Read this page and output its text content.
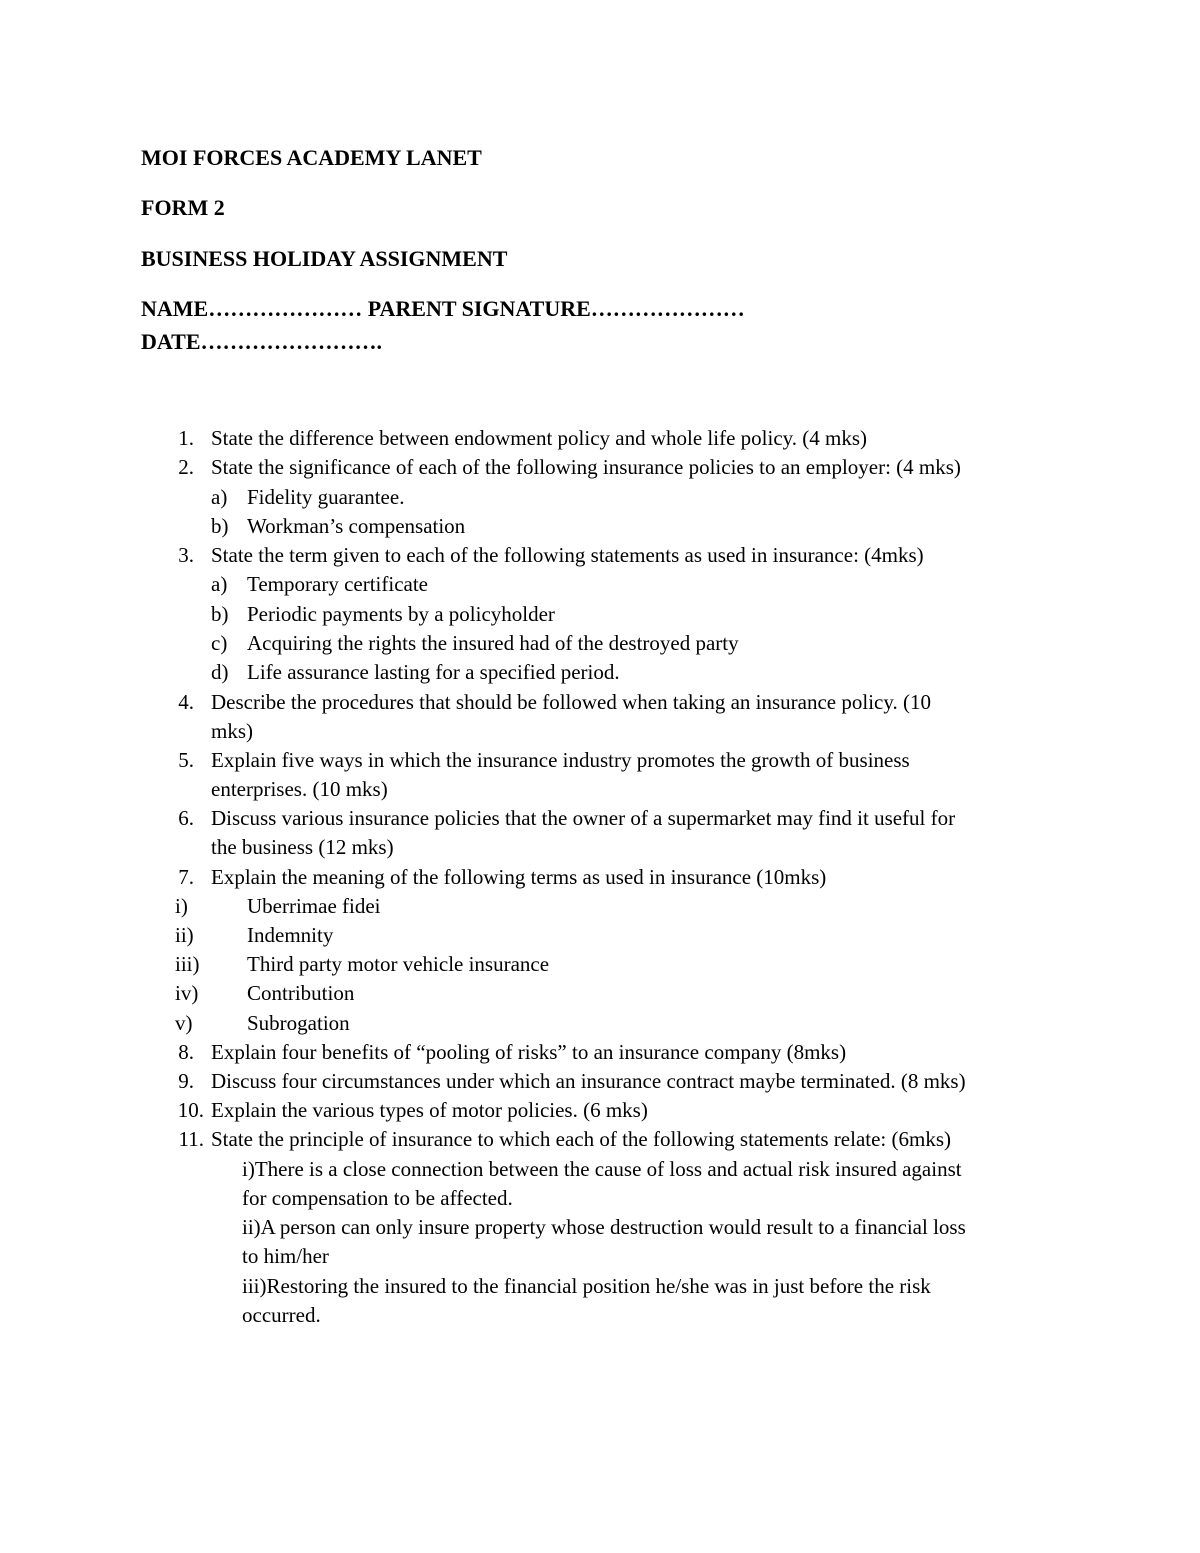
MOI FORCES ACADEMY LANET
FORM 2
BUSINESS HOLIDAY ASSIGNMENT
NAME………………… PARENT SIGNATURE…………………
DATE…………………….
1. State the difference between endowment policy and whole life policy. (4 mks)
2. State the significance of each of the following insurance policies to an employer: (4 mks)
a) Fidelity guarantee.
b) Workman’s compensation
3. State the term given to each of the following statements as used in insurance: (4mks)
a) Temporary certificate
b) Periodic payments by a policyholder
c) Acquiring the rights the insured had of the destroyed party
d) Life assurance lasting for a specified period.
4. Describe the procedures that should be followed when taking an insurance policy. (10
mks)
5. Explain five ways in which the insurance industry promotes the growth of business
enterprises. (10 mks)
6. Discuss various insurance policies that the owner of a supermarket may find it useful for
the business (12 mks)
7. Explain the meaning of the following terms as used in insurance (10mks)
i)	Uberrimae fidei
ii)	Indemnity
iii) Third party motor vehicle insurance
iv) Contribution
v)	Subrogation
8. Explain four benefits of “pooling of risks” to an insurance company (8mks)
9. Discuss four circumstances under which an insurance contract maybe terminated. (8 mks)
10. Explain the various types of motor policies. (6 mks)
11. State the principle of insurance to which each of the following statements relate: (6mks)
i)There is a close connection between the cause of loss and actual risk insured against
for compensation to be affected.
ii)A person can only insure property whose destruction would result to a financial loss
to him/her
iii)Restoring the insured to the financial position he/she was in just before the risk
occurred.
